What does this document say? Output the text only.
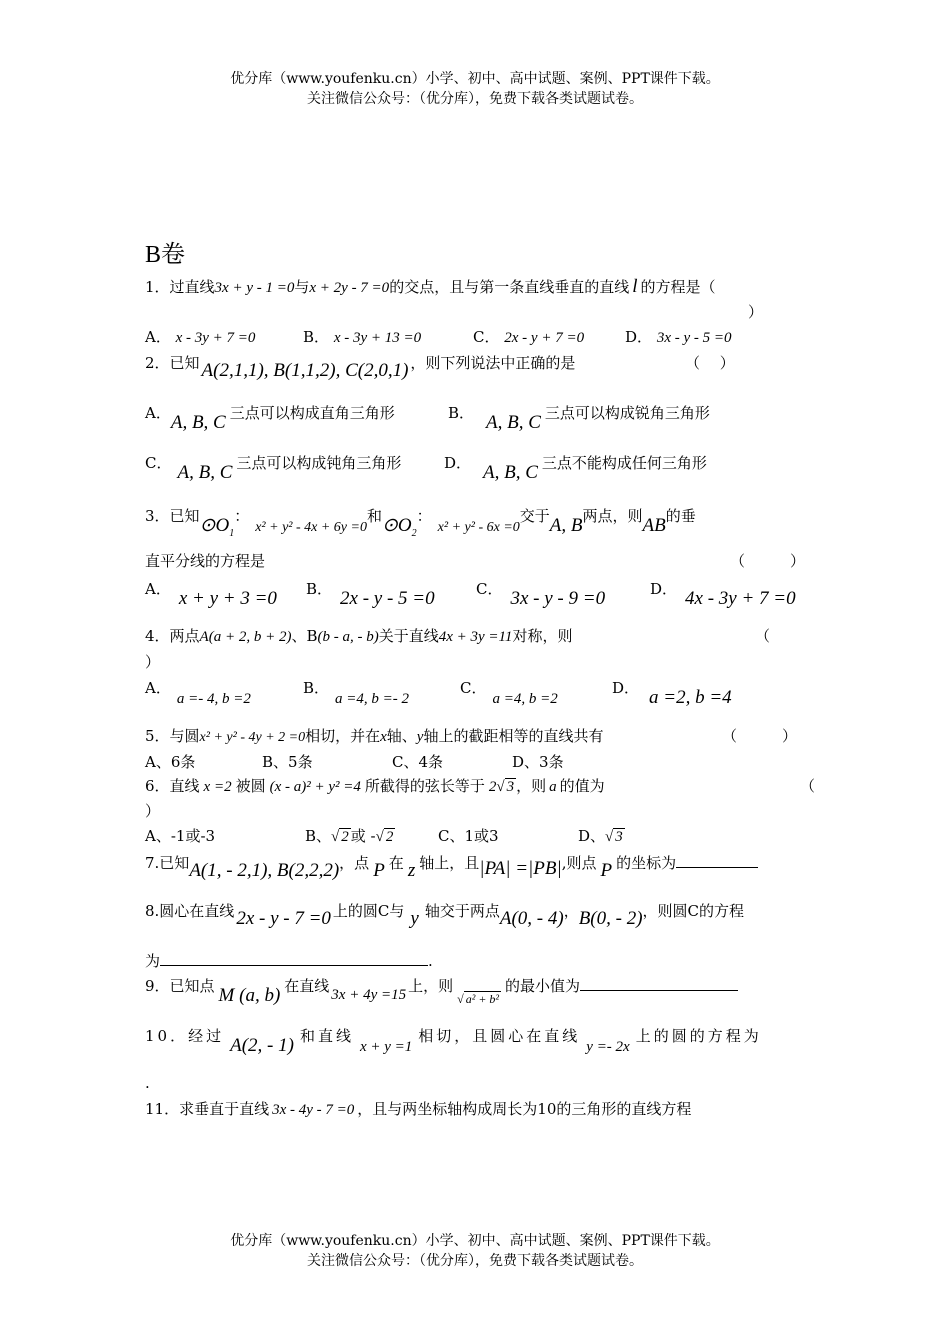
优分库（www.youfenku.cn）小学、初中、高中试题、案例、PPT课件下载。
关注微信公众号：（优分库），免费下载各类试题试卷。
B卷
1．过直线3x + y - 1 =0与x + 2y - 7 =0的交点，且与第一条直线垂直的直线 l 的方程是（
）
A． x - 3y + 7 =0	B． x - 3y + 13 =0	C． 2x - y + 7 =0	D． 3x - y - 5 =0
2．已知 A(2,1,1), B(1,1,2), C(2,0,1) ，则下列说法中正确的是	（　 ）
A．A, B, C 三点可以构成直角三角形	B． A, B, C 三点可以构成锐角三角形
C． A, B, C 三点可以构成钝角三角形	D． A, B, C 三点不能构成任何三角形
3．已知$⊙O_1$：x² + y² - 4x + 6y =0和$⊙O_2$：x² + y² - 6x =0交于A, B两点，则AB的垂
直平分线的方程是	（　　　）
A． x + y + 3 =0 B． 2x - y - 5 =0	C． 3x - y - 9 =0	D． 4x - 3y + 7 =0
4．两点A(a + 2, b + 2)、B(b - a, - b)关于直线4x + 3y =11对称，则	（
）
A．a =- 4, b =2
B．a =4, b =- 2
C．a =4, b =2
D． a =2, b =4
5．与圆x² + y² - 4y + 2 =0相切，并在x轴、y轴上的截距相等的直线共有	（　　　）
A、6条	B、5条	C、4条	D、3条
6．直线 x =2 被圆 (x - a)² + y² =4 所截得的弦长等于 2√ 3 ，则 a 的值为	（
）
A、-1或-3	B、√ 2 或 -√ 2	C、1或3	D、√ 3
7.已知A(1, - 2,1), B(2,2,2)，点 P 在 z 轴上，且|PA| =|PB|,则点 P 的坐标为
8.圆心在直线 2x - y - 7 =0 上的圆C与 y 轴交于两点A(0, - 4)，B(0, - 2)，则圆C的方程
为	.
9．已知点 M (a, b) 在直线 3x + 4y =15 上，则$_{√ a^2 + b^2}$的最小值为
10．经过 A(2, - 1) 和直线x + y =1相切，且圆心在直线y =- 2x上的圆的方程为
.
11．求垂直于直线 3x - 4y - 7 =0 ，且与两坐标轴构成周长为10的三角形的直线方程
优分库（www.youfenku.cn）小学、初中、高中试题、案例、PPT课件下载。
关注微信公众号：（优分库），免费下载各类试题试卷。
